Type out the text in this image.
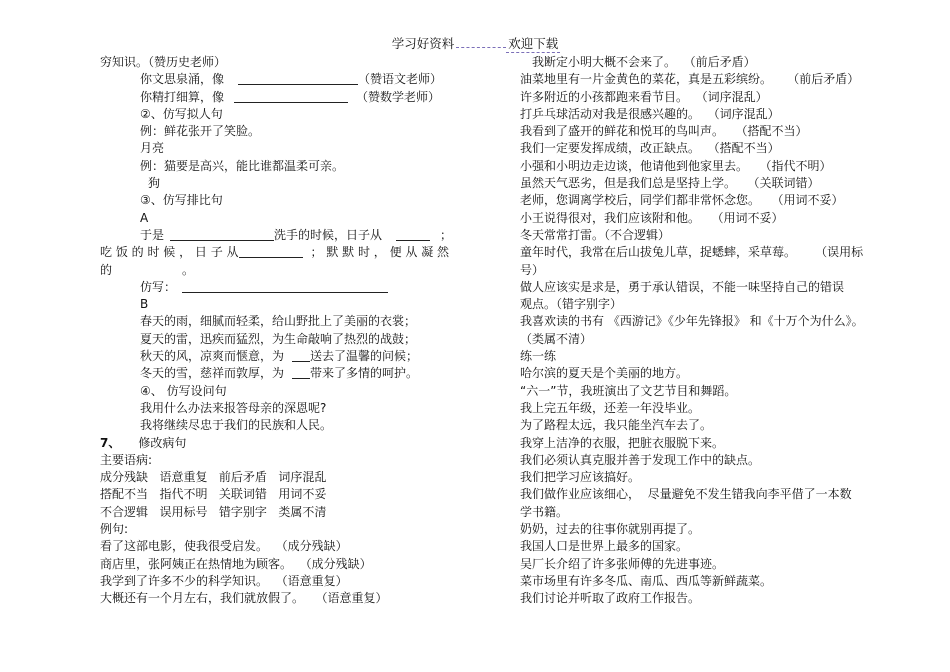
学习好资料	欢迎下载
穷知识。（赞历史老师）
你文思泉涌，像	（赞语文老师）
你精打细算，像	（赞数学老师）
②、仿写拟人句
例：鲜花张开了笑脸。
月亮
例：猫要是高兴，能比谁都温柔可亲。
狗
③、仿写排比句
A
于是	洗手的时候，日子从	；
吃 饭 的 时 候 ， 日 子 从	； 默 默 时 ， 便 从 凝 然
的	。
仿写：
B
春天的雨，细腻而轻柔，给山野批上了美丽的衣裳；
夏天的雷，迅疾而猛烈，为生命敲响了热烈的战鼓；
秋天的风，凉爽而惬意，为 送去了温馨的问候；
冬天的雪，慈祥而敦厚，为 带来了多情的呵护。
④、 仿写设问句
我用什么办法来报答母亲的深恩呢?
我将继续尽忠于我们的民族和人民。
7、 修改病句
主要语病:
成分残缺   语意重复   前后矛盾   词序混乱
搭配不当   指代不明   关联词错   用词不妥
不合逻辑   误用标号   错字别字   类属不清
例句:
看了这部电影，使我很受启发。  （成分残缺）
商店里，张阿姨正在热情地为顾客。  （成分残缺）
我学到了许多不少的科学知识。  （语意重复）
大概还有一个月左右，我们就放假了。   （语意重复）
我断定小明大概不会来了。  （前后矛盾）
油菜地里有一片金黄色的菜花，真是五彩缤纷。    （前后矛盾）
许多附近的小孩都跑来看节目。  （词序混乱）
打乒乓球活动对我是很感兴趣的。  （词序混乱）
我看到了盛开的鲜花和悦耳的鸟叫声。   （搭配不当）
我们一定要发挥成绩，改正缺点。  （搭配不当）
小强和小明边走边谈，他请他到他家里去。   （指代不明）
虽然天气恶劣，但是我们总是坚持上学。   （关联词错）
老师，您调离学校后，同学们都非常怀念您。   （用词不妥）
小王说得很对，我们应该附和他。   （用词不妥）
冬天常常打雷。（不合逻辑）
童年时代，我常在后山拔兔儿草，捉蟋蟀，采草莓。     （误用标
号）
做人应该实是求是，勇于承认错误，不能一味坚持自己的错误
观点。（错字别字）
我喜欢读的书有 《西游记》《少年先锋报》 和《十万个为什么》。
（类属不清）
练一练
哈尔滨的夏天是个美丽的地方。
“六一”节，我班演出了文艺节目和舞蹈。
我上完五年级，还差一年没毕业。
为了路程太远，我只能坐汽车去了。
我穿上洁净的衣服，把脏衣服脱下来。
我们必须认真克服并善于发现工作中的缺点。
我们把学习应该搞好。
我们做作业应该细心，  尽量避免不发生错我向李平借了一本数
学书籍。
奶奶，过去的往事你就别再提了。
我国人口是世界上最多的国家。
吴厂长介绍了许多张师傅的先进事迹。
菜市场里有许多冬瓜、南瓜、西瓜等新鲜蔬菜。
我们讨论并听取了政府工作报告。
